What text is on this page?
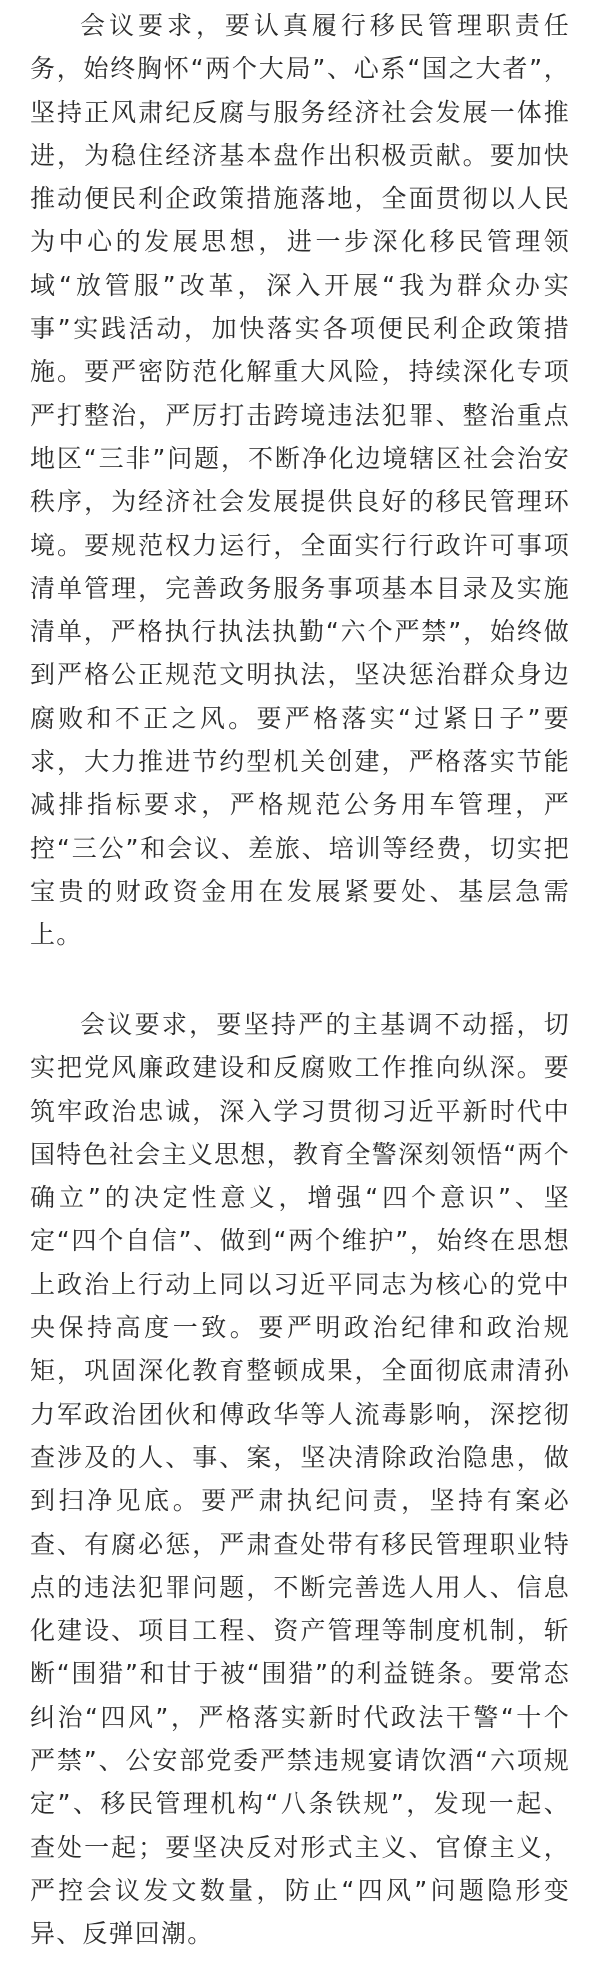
会议要求，要认真履行移民管理职责任务，始终胸怀“两个大局”、心系“国之大者”，坚持正风肃纪反腐与服务经济社会发展一体推进，为稳住经济基本盘作出积极贡献。要加快推动便民利企政策措施落地，全面贯彻以人民为中心的发展思想，进一步深化移民管理领域“放管服”改革，深入开展“我为群众办实事”实践活动，加快落实各项便民利企政策措施。要严密防范化解重大风险，持续深化专项严打整治，严厉打击跨境违法犯罪、整治重点地区“三非”问题，不断净化边境辖区社会治安秩序，为经济社会发展提供良好的移民管理环境。要规范权力运行，全面实行行政许可事项清单管理，完善政务服务事项基本目录及实施清单，严格执行执法执勤“六个严禁”，始终做到严格公正规范文明执法，坚决惩治群众身边腐败和不正之风。要严格落实“过紧日子”要求，大力推进节约型机关创建，严格落实节能减排指标要求，严格规范公务用车管理，严控“三公”和会议、差旅、培训等经费，切实把宝贵的财政资金用在发展紧要处、基层急需上。

会议要求，要坚持严的主基调不动摇，切实把党风廉政建设和反腐败工作推向纵深。要筑牢政治忠诚，深入学习贯彻习近平新时代中国特色社会主义思想，教育全警深刻领悟“两个确立”的决定性意义，增强“四个意识”、坚定“四个自信”、做到“两个维护”，始终在思想上政治上行动上同以习近平同志为核心的党中央保持高度一致。要严明政治纪律和政治规矩，巩固深化教育整顿成果，全面彻底肃清孙力军政治团伙和傅政华等人流毒影响，深挖彻查涉及的人、事、案，坚决清除政治隐患，做到扫净见底。要严肃执纪问责，坚持有案必查、有腐必惩，严肃查处带有移民管理职业特点的违法犯罪问题，不断完善选人用人、信息化建设、项目工程、资产管理等制度机制，斩断“围猎”和甘于被“围猎”的利益链条。要常态纠治“四风”，严格落实新时代政法干警“十个严禁”、公安部党委严禁违规宴请饮酒“六项规定”、移民管理机构“八条铁规”，发现一起、查处一起；要坚决反对形式主义、官僚主义，严控会议发文数量，防止“四风”问题隐形变异、反弹回潮。
